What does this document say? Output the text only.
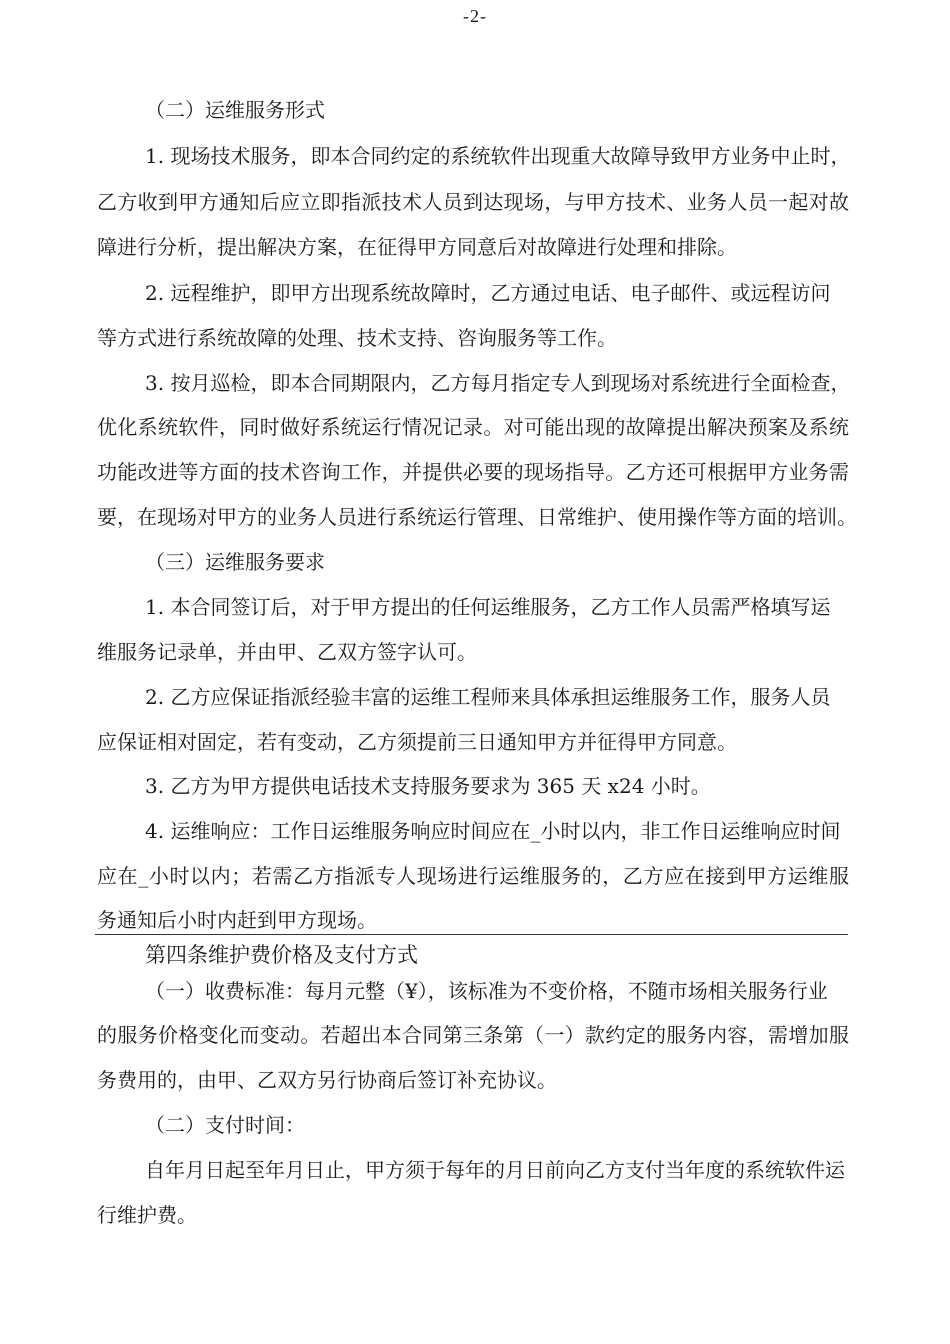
-2-
（二）运维服务形式
1. 现场技术服务，即本合同约定的系统软件出现重大故障导致甲方业务中止时，
乙方收到甲方通知后应立即指派技术人员到达现场，与甲方技术、业务人员一起对故
障进行分析，提出解决方案，在征得甲方同意后对故障进行处理和排除。
2. 远程维护，即甲方出现系统故障时，乙方通过电话、电子邮件、或远程访问
等方式进行系统故障的处理、技术支持、咨询服务等工作。
3. 按月巡检，即本合同期限内，乙方每月指定专人到现场对系统进行全面检查，
优化系统软件，同时做好系统运行情况记录。对可能出现的故障提出解决预案及系统
功能改进等方面的技术咨询工作，并提供必要的现场指导。乙方还可根据甲方业务需
要，在现场对甲方的业务人员进行系统运行管理、日常维护、使用操作等方面的培训。
（三）运维服务要求
1. 本合同签订后，对于甲方提出的任何运维服务，乙方工作人员需严格填写运
维服务记录单，并由甲、乙双方签字认可。
2. 乙方应保证指派经验丰富的运维工程师来具体承担运维服务工作，服务人员
应保证相对固定，若有变动，乙方须提前三日通知甲方并征得甲方同意。
3. 乙方为甲方提供电话技术支持服务要求为 365 天 x24 小时。
4. 运维响应：工作日运维服务响应时间应在_小时以内，非工作日运维响应时间
应在_小时以内；若需乙方指派专人现场进行运维服务的，乙方应在接到甲方运维服
务通知后小时内赶到甲方现场。
第四条维护费价格及支付方式
（一）收费标准：每月元整（¥），该标准为不变价格，不随市场相关服务行业
的服务价格变化而变动。若超出本合同第三条第（一）款约定的服务内容，需增加服
务费用的，由甲、乙双方另行协商后签订补充协议。
（二）支付时间：
自年月日起至年月日止，甲方须于每年的月日前向乙方支付当年度的系统软件运
行维护费。
